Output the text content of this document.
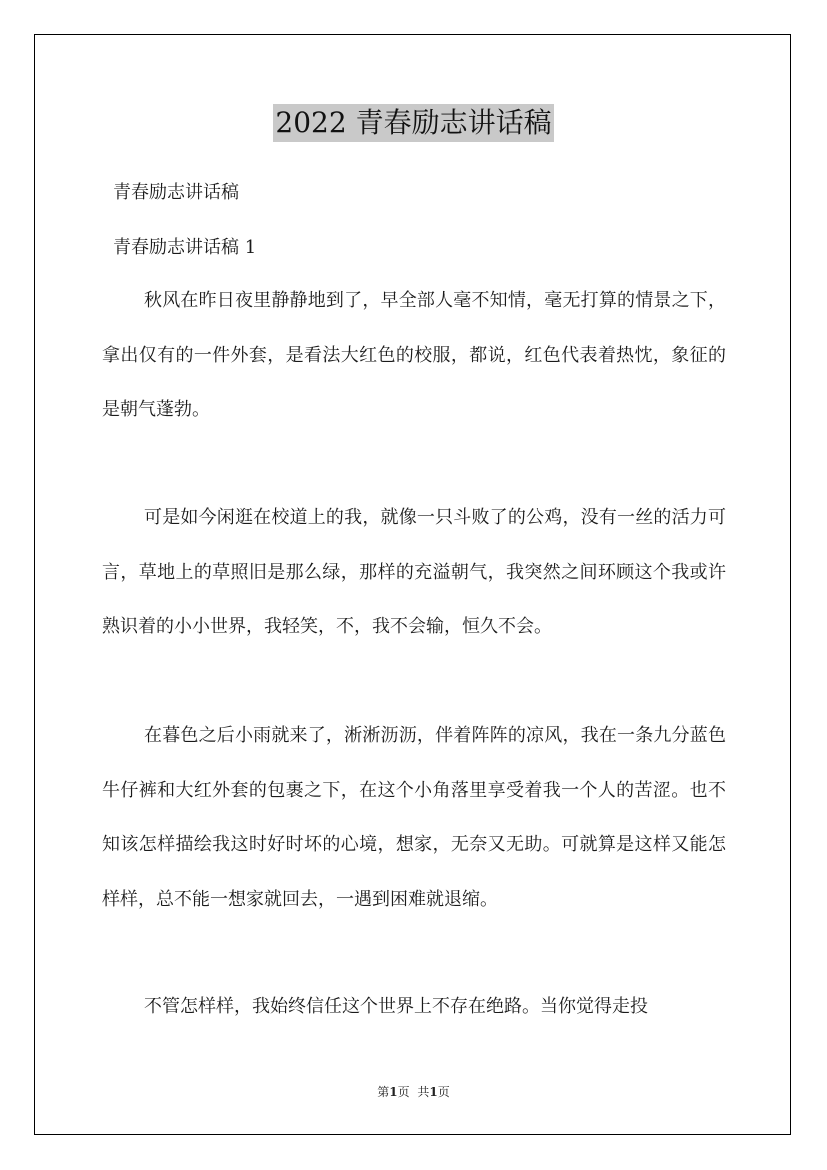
2022 青春励志讲话稿
青春励志讲话稿
青春励志讲话稿 1

秋风在昨日夜里静静地到了，早全部人毫不知情，毫无打算的情景之下，拿出仅有的一件外套，是看法大红色的校服，都说，红色代表着热忱，象征的是朝气蓬勃。

可是如今闲逛在校道上的我，就像一只斗败了的公鸡，没有一丝的活力可言，草地上的草照旧是那么绿，那样的充溢朝气，我突然之间环顾这个我或许熟识着的小小世界，我轻笑，不，我不会输，恒久不会。

在暮色之后小雨就来了，淅淅沥沥，伴着阵阵的凉风，我在一条九分蓝色牛仔裤和大红外套的包裹之下，在这个小角落里享受着我一个人的苦涩。也不知该怎样描绘我这时好时坏的心境，想家，无奈又无助。可就算是这样又能怎样样，总不能一想家就回去，一遇到困难就退缩。

不管怎样样，我始终信任这个世界上不存在绝路。当你觉得走投

第1页 共1页
